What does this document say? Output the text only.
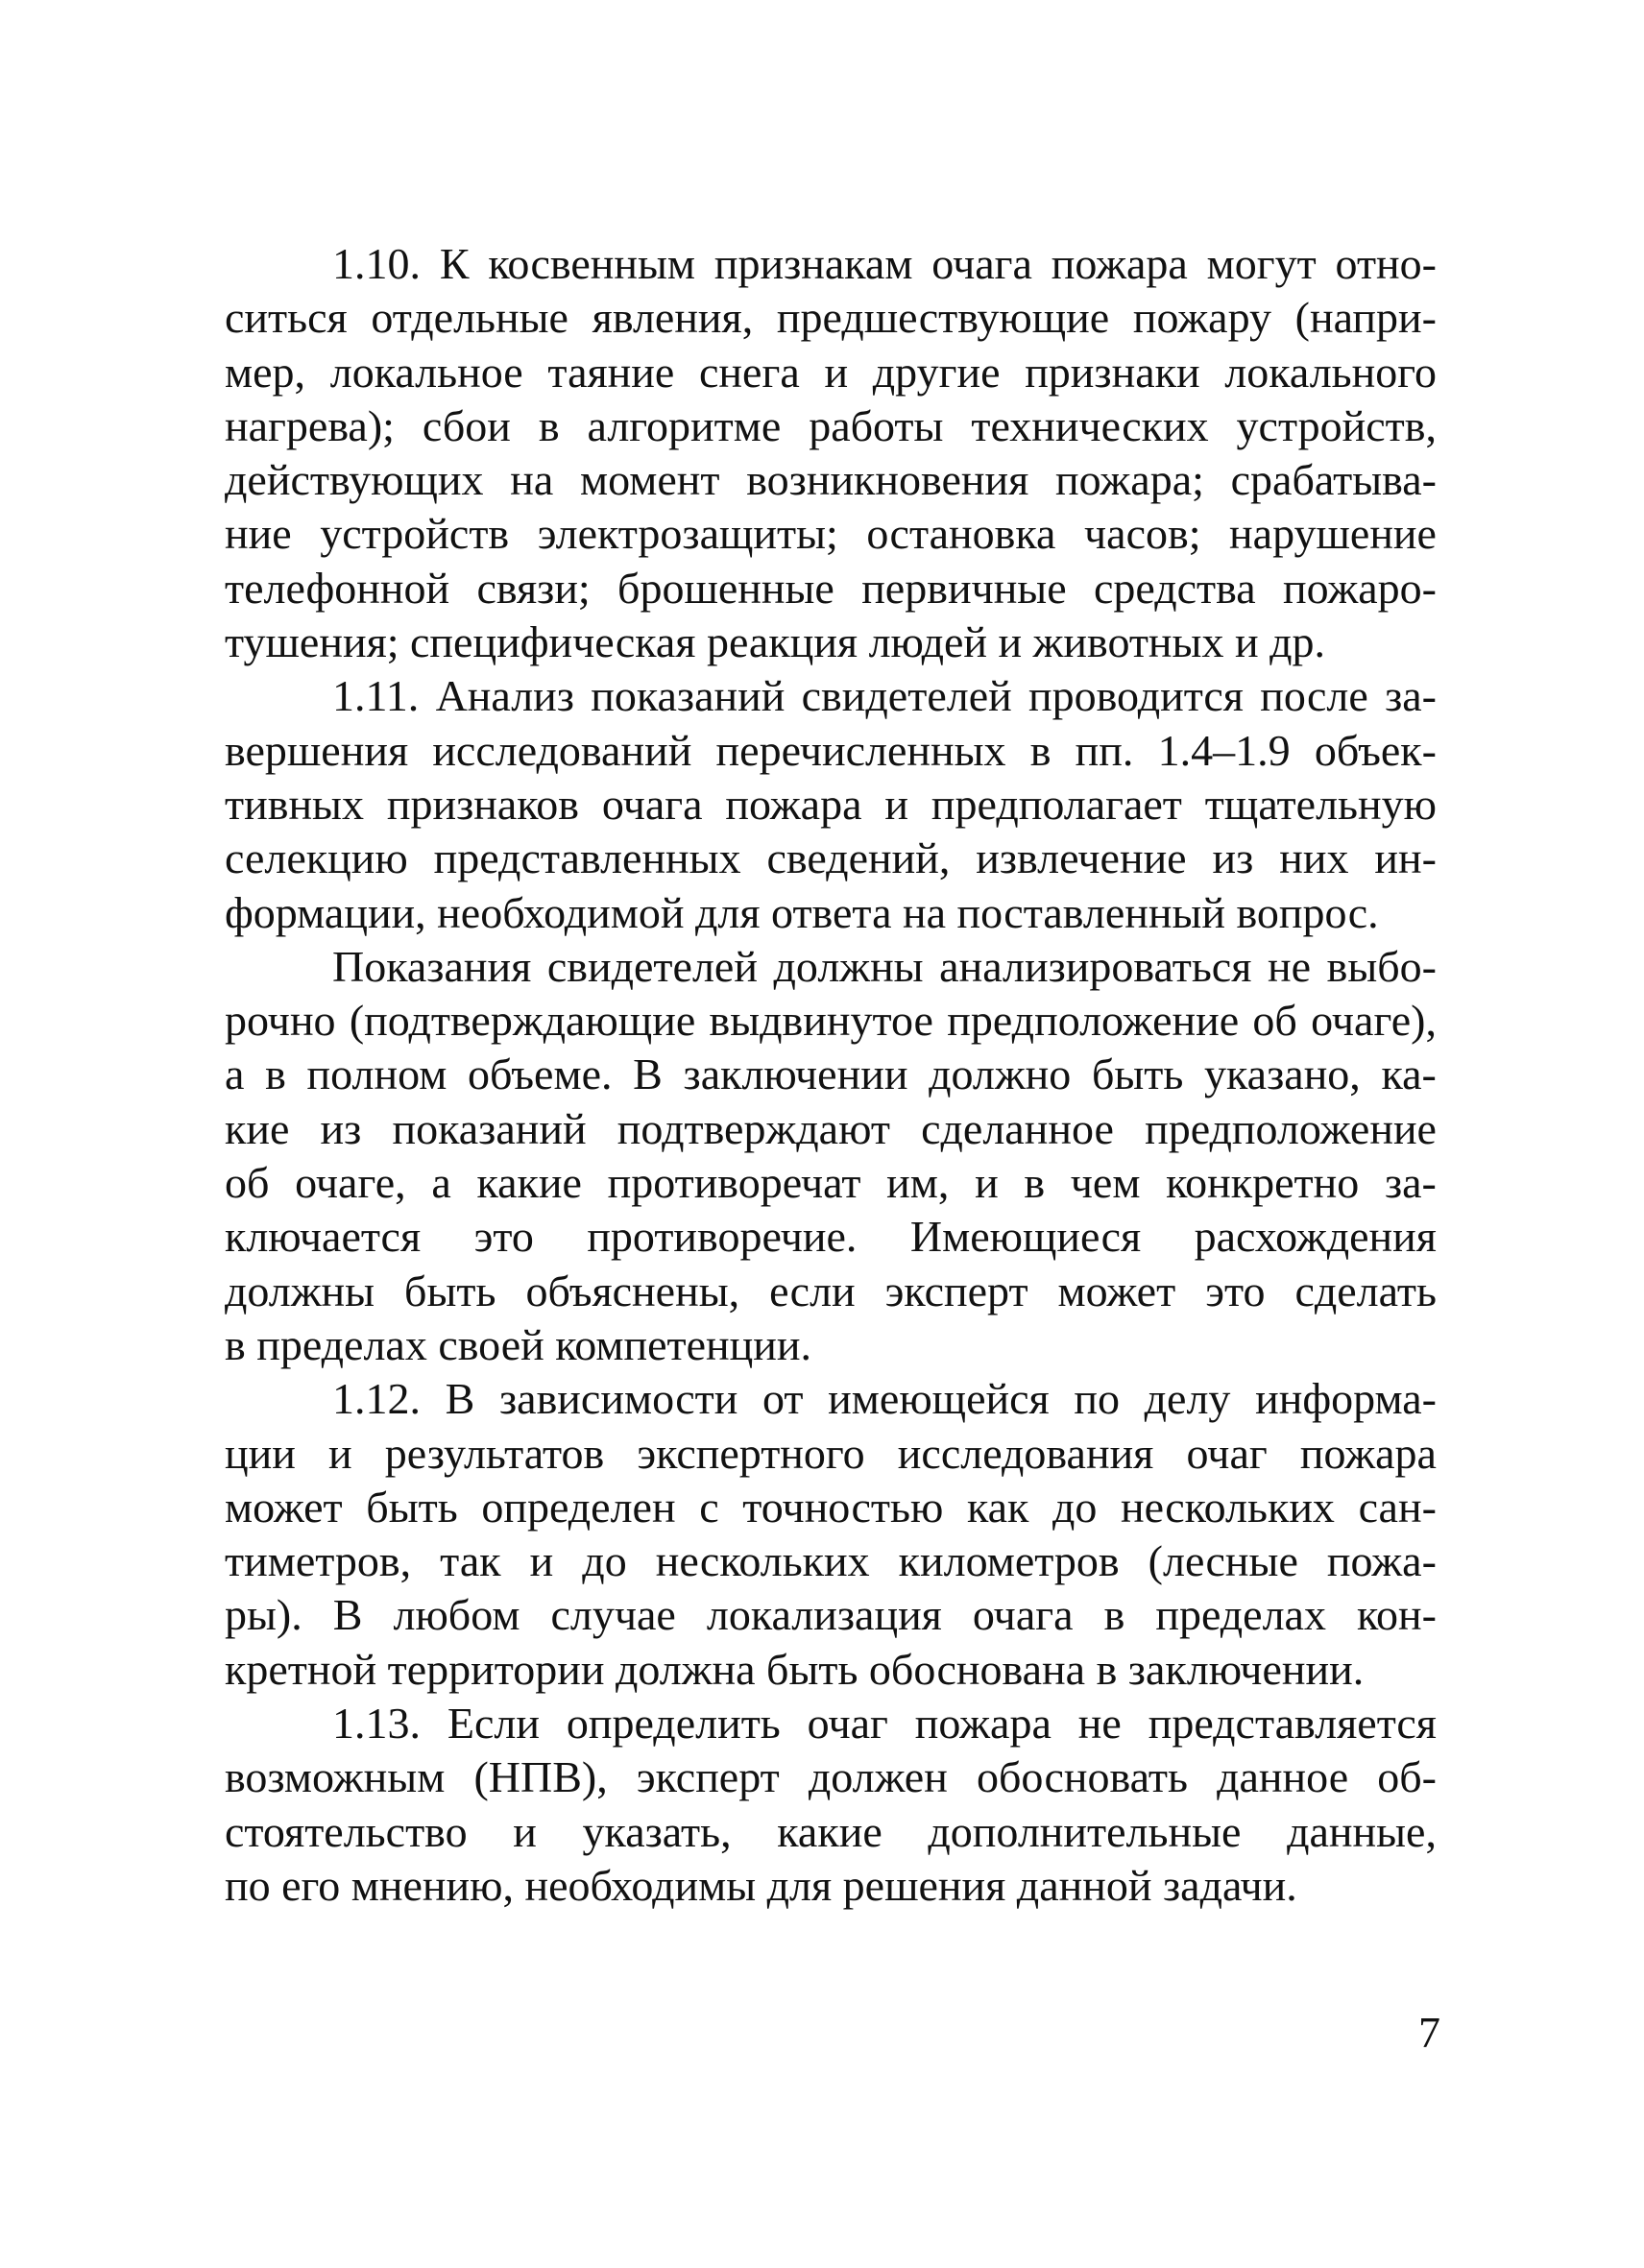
1.10. К косвенным признакам очага пожара могут отно-
ситься отдельные явления, предшествующие пожару (напри-
мер, локальное таяние снега и другие признаки локального
нагрева); сбои в алгоритме работы технических устройств,
действующих на момент возникновения пожара; срабатыва-
ние устройств электрозащиты; остановка часов; нарушение
телефонной связи; брошенные первичные средства пожаро-
тушения; специфическая реакция людей и животных и др.
1.11. Анализ показаний свидетелей проводится после за-
вершения исследований перечисленных в пп. 1.4–1.9 объек-
тивных признаков очага пожара и предполагает тщательную
селекцию представленных сведений, извлечение из них ин-
формации, необходимой для ответа на поставленный вопрос.
Показания свидетелей должны анализироваться не выбо-
рочно (подтверждающие выдвинутое предположение об очаге),
а в полном объеме. В заключении должно быть указано, ка-
кие из показаний подтверждают сделанное предположение
об очаге, а какие противоречат им, и в чем конкретно за-
ключается это противоречие. Имеющиеся расхождения
должны быть объяснены, если эксперт может это сделать
в пределах своей компетенции.
1.12. В зависимости от имеющейся по делу информа-
ции и результатов экспертного исследования очаг пожара
может быть определен с точностью как до нескольких сан-
тиметров, так и до нескольких километров (лесные пожа-
ры). В любом случае локализация очага в пределах кон-
кретной территории должна быть обоснована в заключении.
1.13. Если определить очаг пожара не представляется
возможным (НПВ), эксперт должен обосновать данное об-
стоятельство и указать, какие дополнительные данные,
по его мнению, необходимы для решения данной задачи.
7
